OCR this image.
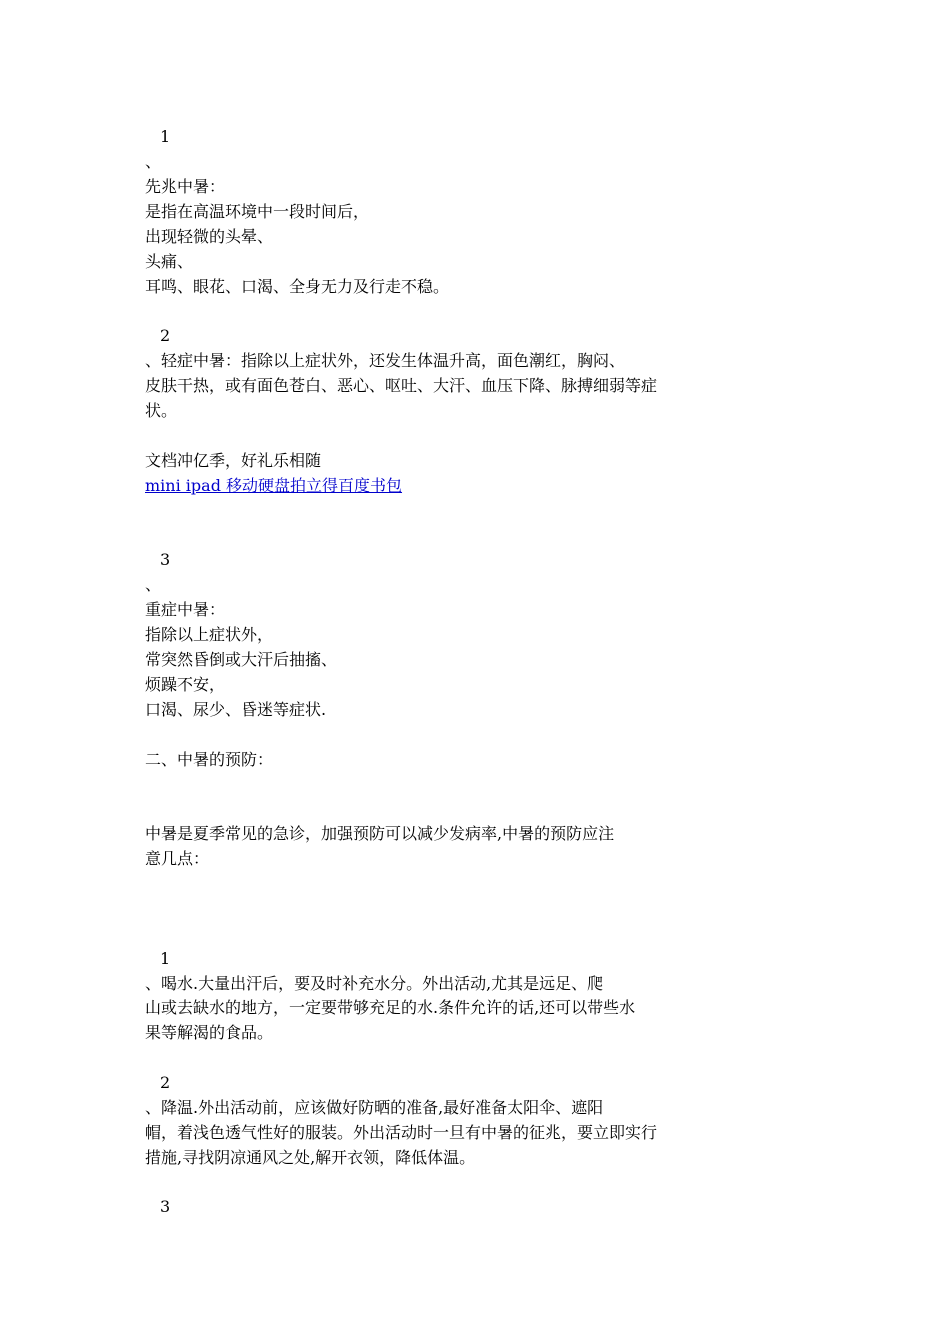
1
、
先兆中暑：
是指在高温环境中一段时间后，
出现轻微的头晕、
头痛、
耳鸣、眼花、口渴、全身无力及行走不稳。
2
、轻症中暑：指除以上症状外，还发生体温升高，面色潮红，胸闷、
皮肤干热，或有面色苍白、恶心、呕吐、大汗、血压下降、脉搏细弱等症
状。
文档冲亿季，好礼乐相随
mini ipad 移动硬盘拍立得百度书包
3
、
重症中暑：
指除以上症状外，
常突然昏倒或大汗后抽搐、
烦躁不安，
口渴、尿少、昏迷等症状.
二、中暑的预防：
中暑是夏季常见的急诊，加强预防可以减少发病率,中暑的预防应注
意几点：
1
、喝水.大量出汗后，要及时补充水分。外出活动,尤其是远足、爬
山或去缺水的地方，一定要带够充足的水.条件允许的话,还可以带些水
果等解渴的食品。
2
、降温.外出活动前，应该做好防晒的准备,最好准备太阳伞、遮阳
帽，着浅色透气性好的服装。外出活动时一旦有中暑的征兆，要立即实行
措施,寻找阴凉通风之处,解开衣领，降低体温。
3
